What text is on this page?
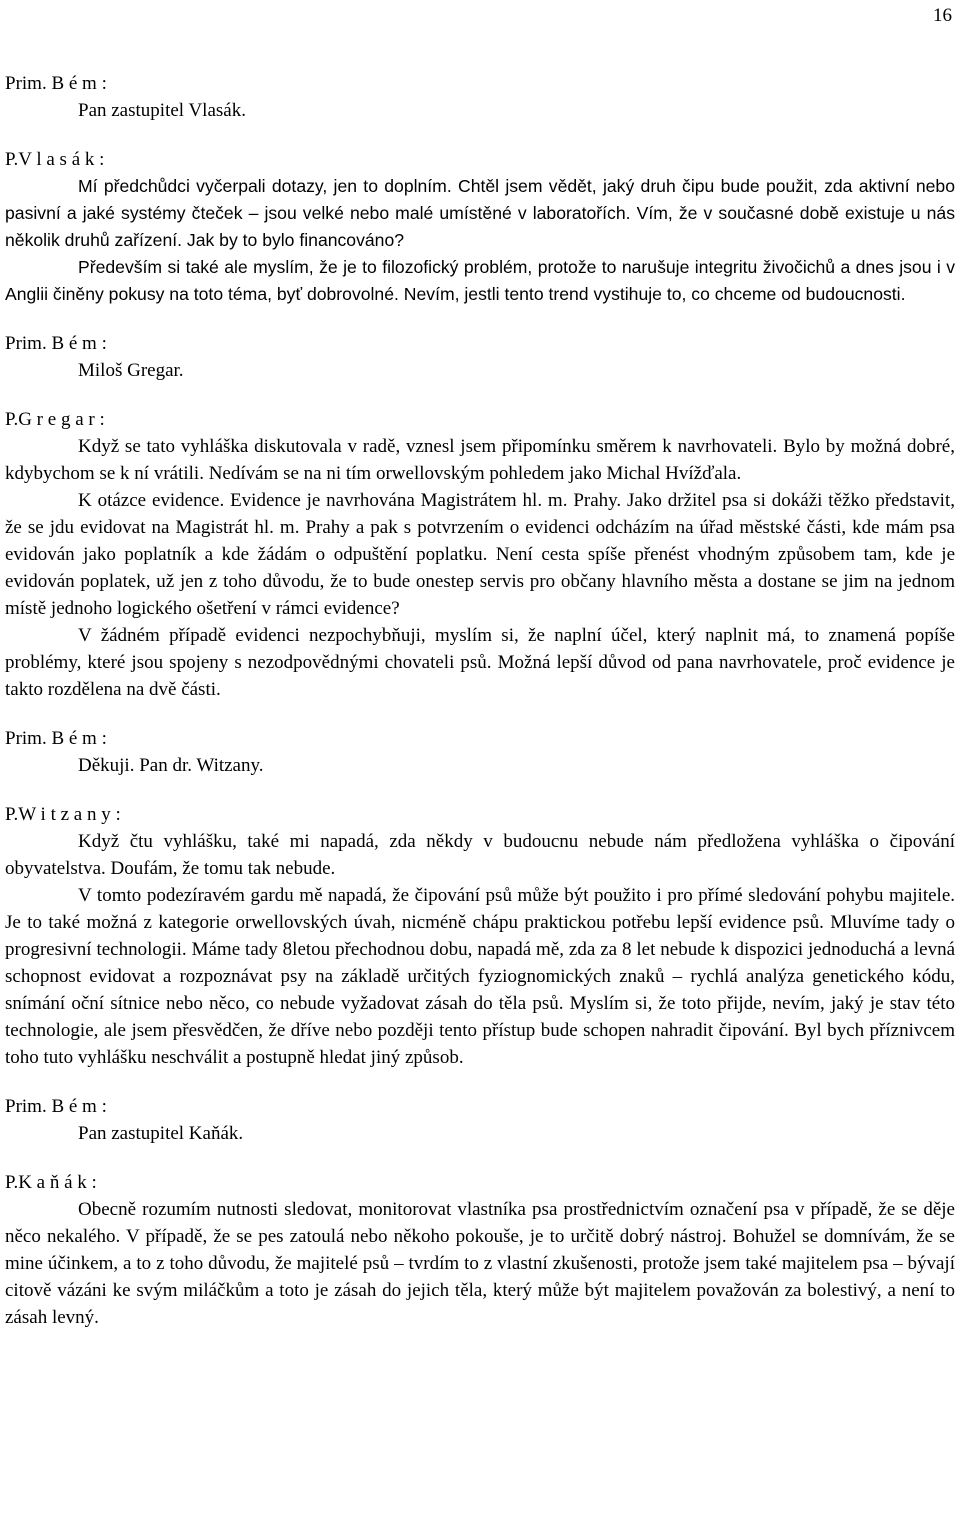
16
Prim. B é m :

Pan zastupitel Vlasák.

P.V l a s á k :

Mí předchůdci vyčerpali dotazy, jen to doplním. Chtěl jsem vědět, jaký druh čipu bude použit, zda aktivní nebo pasivní a jaké systémy čteček – jsou velké nebo malé umístěné v laboratořích. Vím, že v současné době existuje u nás několik druhů zařízení. Jak by to bylo financováno?

Především si také ale myslím, že je to filozofický problém, protože to narušuje integritu živočichů a dnes jsou i v Anglii činěny pokusy na toto téma, byť dobrovolné. Nevím, jestli tento trend vystihuje to, co chceme od budoucnosti.

Prim. B é m :

Miloš Gregar.

P.G r e g a r :

Když se tato vyhláška diskutovala v radě, vznesl jsem připomínku směrem k navrhovateli. Bylo by možná dobré, kdybychom se k ní vrátili. Nedívám se na ni tím orwellovským pohledem jako Michal Hvížďala.

K otázce evidence. Evidence je navrhována Magistrátem hl. m. Prahy. Jako držitel psa si dokáži těžko představit, že se jdu evidovat na Magistrát hl. m. Prahy a pak s potvrzením o evidenci odcházím na úřad městské části, kde mám psa evidován jako poplatník a kde žádám o odpuštění poplatku. Není cesta spíše přenést vhodným způsobem tam, kde je evidován poplatek, už jen z toho důvodu, že to bude onestep servis pro občany hlavního města a dostane se jim na jednom místě jednoho logického ošetření v rámci evidence?

V žádném případě evidenci nezpochybňuji, myslím si, že naplní účel, který naplnit má, to znamená popíše problémy, které jsou spojeny s nezodpovědnými chovateli psů. Možná lepší důvod od pana navrhovatele, proč evidence je takto rozdělena na dvě části.

Prim. B é m :

Děkuji. Pan dr. Witzany.

P.W i t z a n y :

Když čtu vyhlášku, také mi napadá, zda někdy v budoucnu nebude nám předložena vyhláška o čipování obyvatelstva. Doufám, že tomu tak nebude.

V tomto podezíravém gardu mě napadá, že čipování psů může být použito i pro přímé sledování pohybu majitele. Je to také možná z kategorie orwellovských úvah, nicméně chápu praktickou potřebu lepší evidence psů. Mluvíme tady o progresivní technologii. Máme tady 8letou přechodnou dobu, napadá mě, zda za 8 let nebude k dispozici jednoduchá a levná schopnost evidovat a rozpoznávat psy na základě určitých fyziognomických znaků – rychlá analýza genetického kódu, snímání oční sítnice nebo něco, co nebude vyžadovat zásah do těla psů. Myslím si, že toto přijde, nevím, jaký je stav této technologie, ale jsem přesvědčen, že dříve nebo později tento přístup bude schopen nahradit čipování. Byl bych příznivcem toho tuto vyhlášku neschválit a postupně hledat jiný způsob.

Prim. B é m :

Pan zastupitel Kaňák.

P.K a ň á k :

Obecně rozumím nutnosti sledovat, monitorovat vlastníka psa prostřednictvím označení psa v případě, že se děje něco nekalého. V případě, že se pes zatoulá nebo někoho pokouše, je to určitě dobrý nástroj. Bohužel se domnívám, že se mine účinkem, a to z toho důvodu, že majitelé psů – tvrdím to z vlastní zkušenosti, protože jsem také majitelem psa – bývají citově vázáni ke svým miláčkům a toto je zásah do jejich těla, který může být majitelem považován za bolestivý, a není to zásah levný.
